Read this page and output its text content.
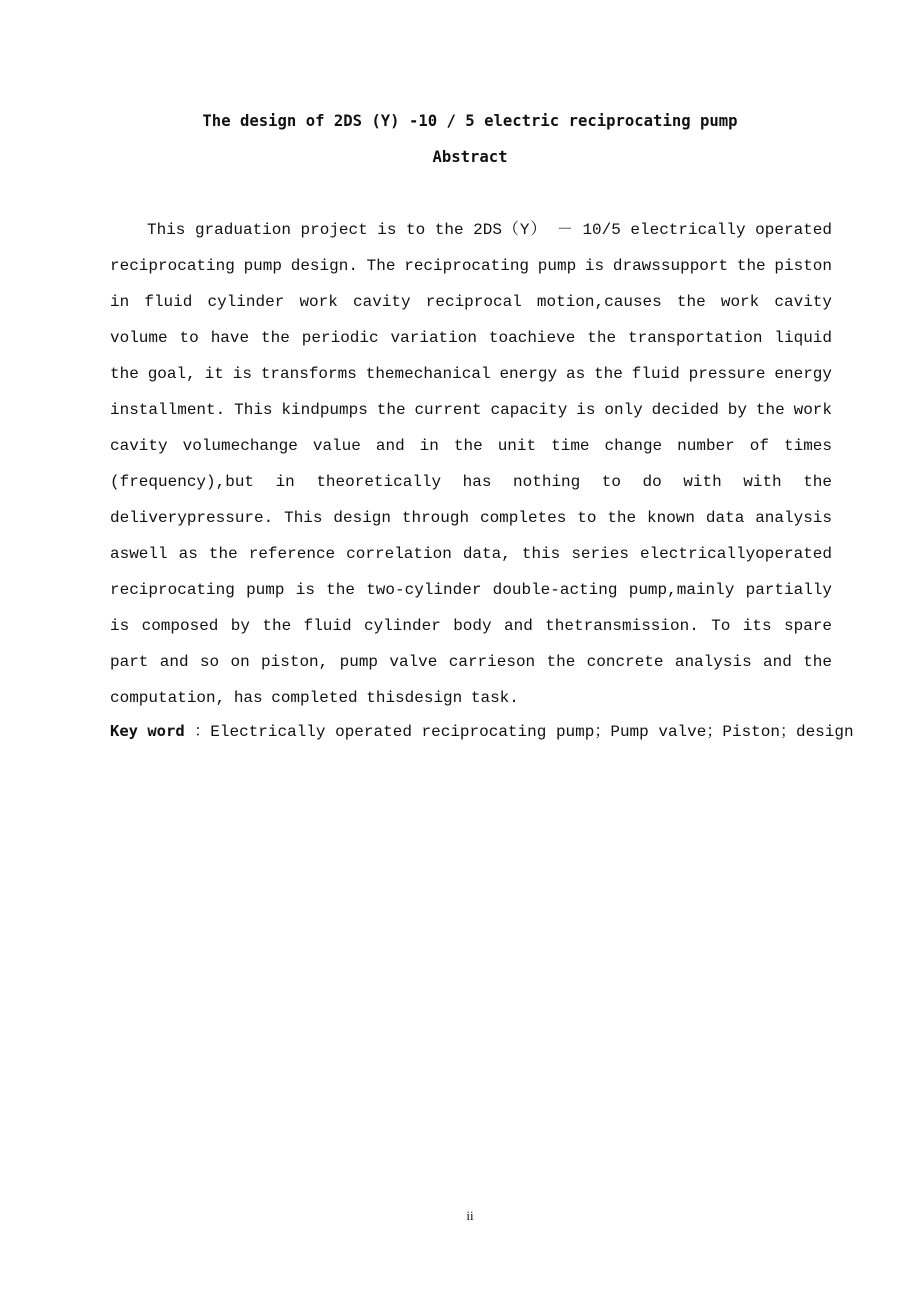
The design of 2DS (Y) -10 / 5 electric reciprocating pump
Abstract

This graduation project is to the 2DS（Y） － 10/5 electrically operated reciprocating pump design. The reciprocating pump is drawssupport the piston in fluid cylinder work cavity reciprocal motion,causes the work cavity volume to have the periodic variation toachieve the transportation liquid the goal, it is transforms themechanical energy as the fluid pressure energy installment. This kindpumps the current capacity is only decided by the work cavity volumechange value and in the unit time change number of times (frequency),but in theoretically has nothing to do with with the deliverypressure. This design through completes to the known data analysis aswell as the reference correlation data, this series electricallyoperated reciprocating pump is the two-cylinder double-acting pump,mainly partially is composed by the fluid cylinder body and thetransmission. To its spare part and so on piston, pump valve carrieson the concrete analysis and the computation, has completed thisdesign task.

Key word ：Electrically operated reciprocating pump；Pump valve；Piston；design

ii
